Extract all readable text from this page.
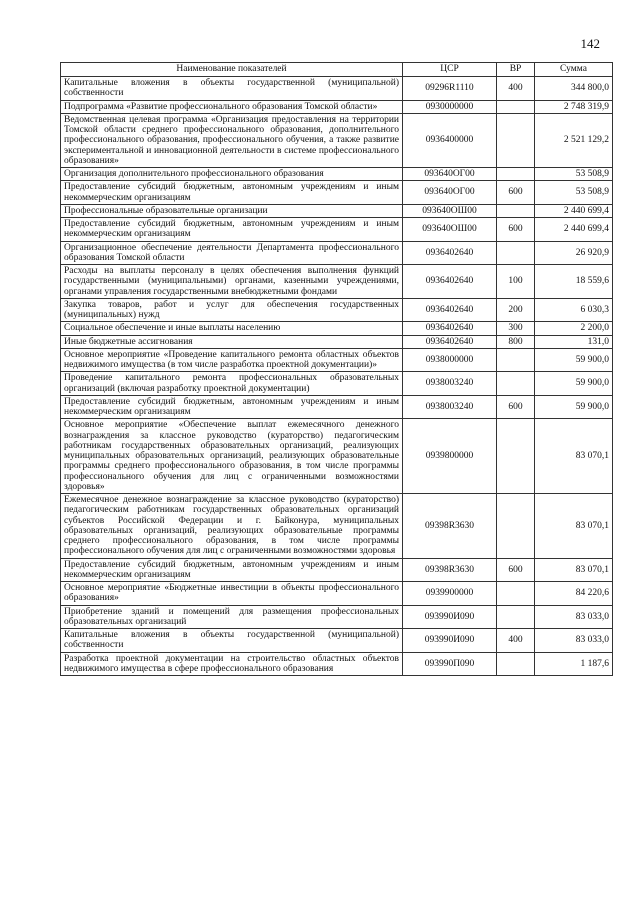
142
Наименование показателей	ЦСР	ВР	Сумма
Капитальные вложения в объекты государственной (муниципальной) собственности	09296R1110	400	344 800,0
Подпрограмма «Развитие профессионального образования Томской области»	0930000000		2 748 319,9
Ведомственная целевая программа «Организация предоставления на территории Томской области среднего профессионального образования, дополнительного профессионального образования, профессионального обучения, а также развитие экспериментальной и инновационной деятельности в системе профессионального образования»	0936400000		2 521 129,2
Организация дополнительного профессионального образования	093640ОГ00		53 508,9
Предоставление субсидий бюджетным, автономным учреждениям и иным некоммерческим организациям	093640ОГ00	600	53 508,9
Профессиональные образовательные организации	093640ОШ00		2 440 699,4
Предоставление субсидий бюджетным, автономным учреждениям и иным некоммерческим организациям	093640ОШ00	600	2 440 699,4
Организационное обеспечение деятельности Департамента профессионального образования Томской области	0936402640		26 920,9
Расходы на выплаты персоналу в целях обеспечения выполнения функций государственными (муниципальными) органами, казенными учреждениями, органами управления государственными внебюджетными фондами	0936402640	100	18 559,6
Закупка товаров, работ и услуг для обеспечения государственных (муниципальных) нужд	0936402640	200	6 030,3
Социальное обеспечение и иные выплаты населению	0936402640	300	2 200,0
Иные бюджетные ассигнования	0936402640	800	131,0
Основное мероприятие «Проведение капитального ремонта областных объектов недвижимого имущества (в том числе разработка проектной документации)»	0938000000		59 900,0
Проведение капитального ремонта профессиональных образовательных организаций (включая разработку проектной документации)	0938003240		59 900,0
Предоставление субсидий бюджетным, автономным учреждениям и иным некоммерческим организациям	0938003240	600	59 900,0
Основное мероприятие «Обеспечение выплат ежемесячного денежного вознаграждения за классное руководство (кураторство) педагогическим работникам государственных образовательных организаций, реализующих муниципальных образовательных организаций, реализующих образовательные программы среднего профессионального образования, в том числе программы профессионального обучения для лиц с ограниченными возможностями здоровья»	0939800000		83 070,1
Ежемесячное денежное вознаграждение за классное руководство (кураторство) педагогическим работникам государственных образовательных организаций субъектов Российской Федерации и г. Байконура, муниципальных образовательных организаций, реализующих образовательные программы среднего профессионального образования, в том числе программы профессионального обучения для лиц с ограниченными возможностями здоровья	09398R3630		83 070,1
Предоставление субсидий бюджетным, автономным учреждениям и иным некоммерческим организациям	09398R3630	600	83 070,1
Основное мероприятие «Бюджетные инвестиции в объекты профессионального образования»	0939900000		84 220,6
Приобретение зданий и помещений для размещения профессиональных образовательных организаций	093990И090		83 033,0
Капитальные вложения в объекты государственной (муниципальной) собственности	093990И090	400	83 033,0
Разработка проектной документации на строительство областных объектов недвижимого имущества в сфере профессионального образования	093990П090		1 187,6
